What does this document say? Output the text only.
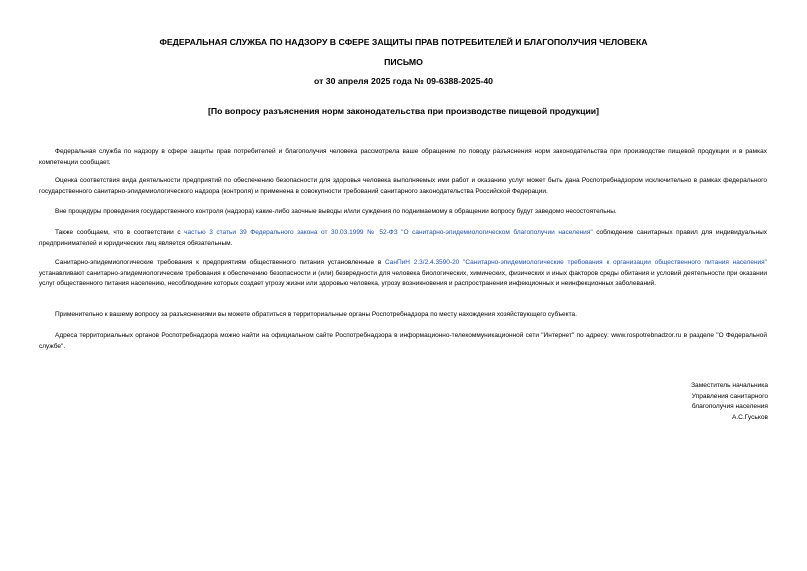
ФЕДЕРАЛЬНАЯ СЛУЖБА ПО НАДЗОРУ В СФЕРЕ ЗАЩИТЫ ПРАВ ПОТРЕБИТЕЛЕЙ И БЛАГОПОЛУЧИЯ ЧЕЛОВЕКА
ПИСЬМО
от 30 апреля 2025 года № 09-6388-2025-40
[По вопросу разъяснения норм законодательства при производстве пищевой продукции]

Федеральная служба по надзору в сфере защиты прав потребителей и благополучия человека рассмотрела ваше обращение по поводу разъяснения норм законодательства при производстве пищевой продукции и в рамках компетенции сообщает.

Оценка соответствия вида деятельности предприятий по обеспечению безопасности для здоровья человека выполняемых ими работ и оказанию услуг может быть дана Роспотребнадзором исключительно в рамках федерального государственного санитарно-эпидемиологического надзора (контроля) и применена в совокупности требований санитарного законодательства Российской Федерации.

Вне процедуры проведения государственного контроля (надзора) какие-либо заочные выводы и/или суждения по поднимаемому в обращении вопросу будут заведомо несостоятельны.

Также сообщаем, что в соответствии с частью 3 статьи 39 Федерального закона от 30.03.1999 № 52-ФЗ "О санитарно-эпидемиологическом благополучии населения" соблюдение санитарных правил для индивидуальных предпринимателей и юридических лиц является обязательным.

Санитарно-эпидемиологические требования к предприятиям общественного питания установленные в СанПиН 2.3/2.4.3590-20 "Санитарно-эпидемиологические требования к организации общественного питания населения" устанавливают санитарно-эпидемиологические требования к обеспечению безопасности и (или) безвредности для человека биологических, химических, физических и иных факторов среды обитания и условий деятельности при оказании услуг общественного питания населению, несоблюдение которых создает угрозу жизни или здоровью человека, угрозу возникновения и распространения инфекционных и неинфекционных заболеваний.

Применительно к вашему вопросу за разъяснениями вы можете обратиться в территориальные органы Роспотребнадзора по месту нахождения хозяйствующего субъекта.

Адреса территориальных органов Роспотребнадзора можно найти на официальном сайте Роспотребнадзора в информационно-телекоммуникационной сети "Интернет" по адресу: www.rospotrebnadzor.ru в разделе "О Федеральной службе".

Заместитель начальника
Управления санитарного
благополучия населения
А.С.Гуськов
